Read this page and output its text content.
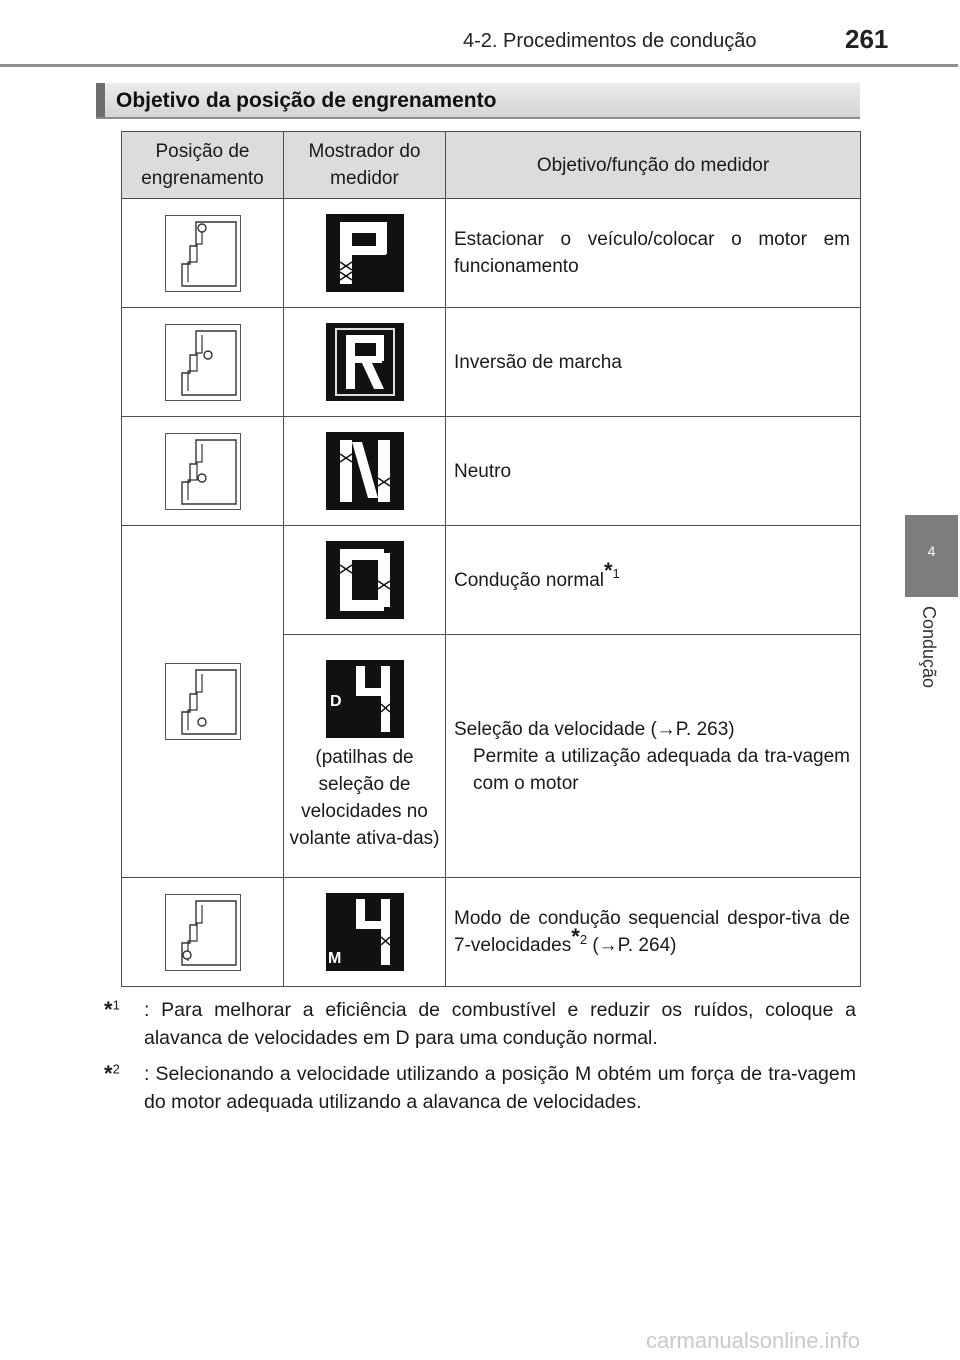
4-2. Procedimentos de condução	261
4
Condução
Objetivo da posição de engrenamento
Posição de engrenamento	Mostrador do medidor	Objetivo/função do medidor

	Estacionar o veículo/colocar o motor em funcionamento

	Inversão de marcha

	Neutro

	Condução normal$^{*1}$

D
(patilhas de seleção de velocidades no volante ativa-das)	Seleção da velocidade (→P. 263)
Permite a utilização adequada da tra-vagem com o motor

M	Modo de condução sequencial despor-tiva de 7-velocidades$^{*2}$ (→P. 264)
*$^1$ : Para melhorar a eficiência de combustível e reduzir os ruídos, coloque a alavanca de velocidades em D para uma condução normal.
*$^2$ : Selecionando a velocidade utilizando a posição M obtém um força de tra-vagem do motor adequada utilizando a alavanca de velocidades.
carmanualsonline.info
